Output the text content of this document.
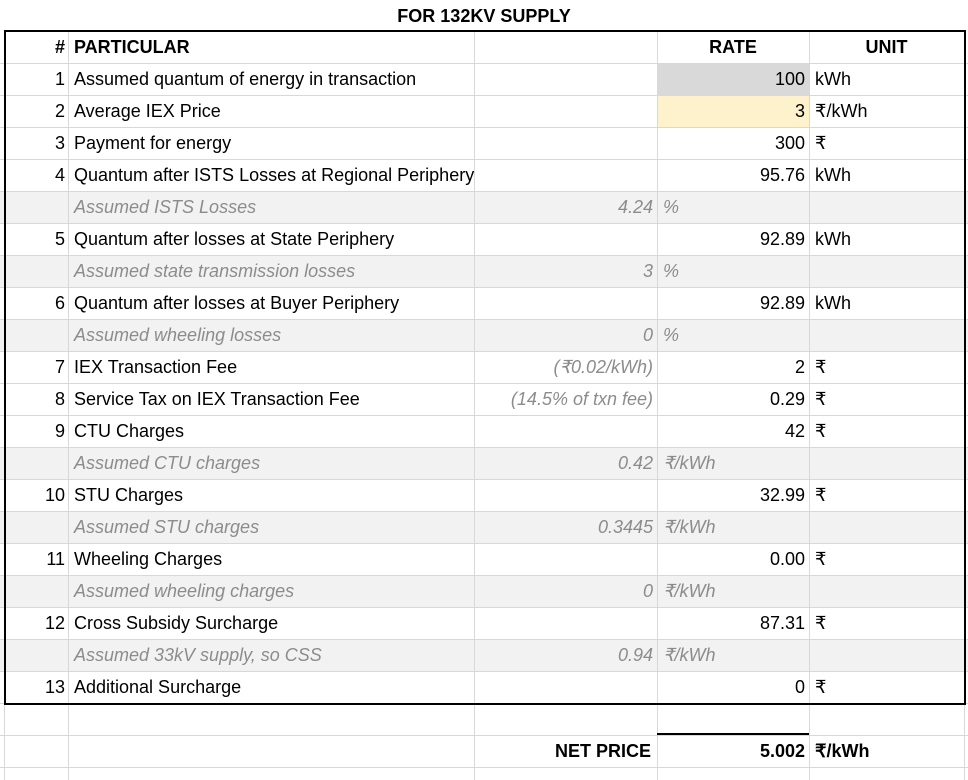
FOR 132KV SUPPLY
# PARTICULAR	RATE	UNIT
1 Assumed quantum of energy in transaction	100 kWh
2 Average IEX Price	3 ₹/kWh
3 Payment for energy	300 ₹
4 Quantum after ISTS Losses at Regional Periphery	95.76 kWh
Assumed ISTS Losses	4.24 %
5 Quantum after losses at State Periphery	92.89 kWh
Assumed state transmission losses	3 %
6 Quantum after losses at Buyer Periphery	92.89 kWh
Assumed wheeling losses	0 %
7 IEX Transaction Fee	(₹0.02/kWh)	2 ₹
8 Service Tax on IEX Transaction Fee	(14.5% of txn fee)	0.29 ₹
9 CTU Charges	42 ₹
Assumed CTU charges	0.42 ₹/kWh
10 STU Charges	32.99 ₹
Assumed STU charges	0.3445 ₹/kWh
11 Wheeling Charges	0.00 ₹
Assumed wheeling charges	0 ₹/kWh
12 Cross Subsidy Surcharge	87.31 ₹
Assumed 33kV supply, so CSS	0.94 ₹/kWh
13 Additional Surcharge	0 ₹
NET PRICE	5.002 ₹/kWh
